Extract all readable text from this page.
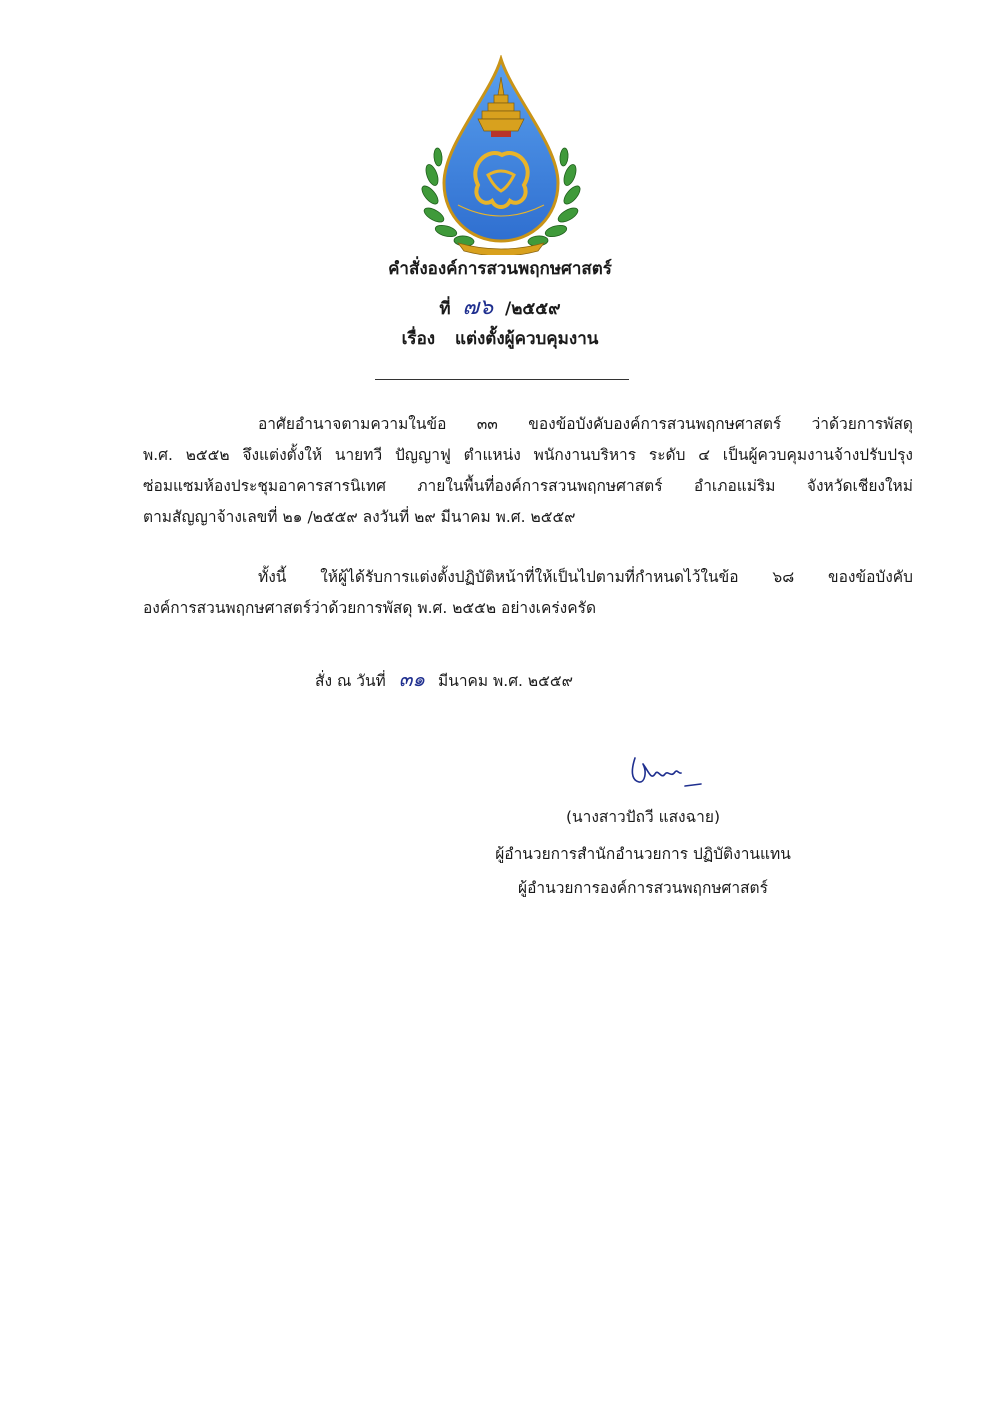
คำสั่งองค์การสวนพฤกษศาสตร์
ที่ ๗๖ /๒๕๕๙
เรื่อง แต่งตั้งผู้ควบคุมงาน
อาศัยอำนาจตามความในข้อ ๓๓ ของข้อบังคับองค์การสวนพฤกษศาสตร์ ว่าด้วยการพัสดุ
พ.ศ. ๒๕๕๒ จึงแต่งตั้งให้ นายทวี ปัญญาฟู ตำแหน่ง พนักงานบริหาร ระดับ ๔ เป็นผู้ควบคุมงานจ้างปรับปรุง
ซ่อมแซมห้องประชุมอาคารสารนิเทศ ภายในพื้นที่องค์การสวนพฤกษศาสตร์ อำเภอแม่ริม จังหวัดเชียงใหม่
ตามสัญญาจ้างเลขที่ ๒๑ /๒๕๕๙ ลงวันที่ ๒๙ มีนาคม พ.ศ. ๒๕๕๙
ทั้งนี้ ให้ผู้ได้รับการแต่งตั้งปฏิบัติหน้าที่ให้เป็นไปตามที่กำหนดไว้ในข้อ ๖๘ ของข้อบังคับ
องค์การสวนพฤกษศาสตร์ว่าด้วยการพัสดุ พ.ศ. ๒๕๕๒ อย่างเคร่งครัด
สั่ง ณ วันที่ ๓๑ มีนาคม พ.ศ. ๒๕๕๙
(นางสาวปัถวี แสงฉาย)
ผู้อำนวยการสำนักอำนวยการ ปฏิบัติงานแทน
ผู้อำนวยการองค์การสวนพฤกษศาสตร์
